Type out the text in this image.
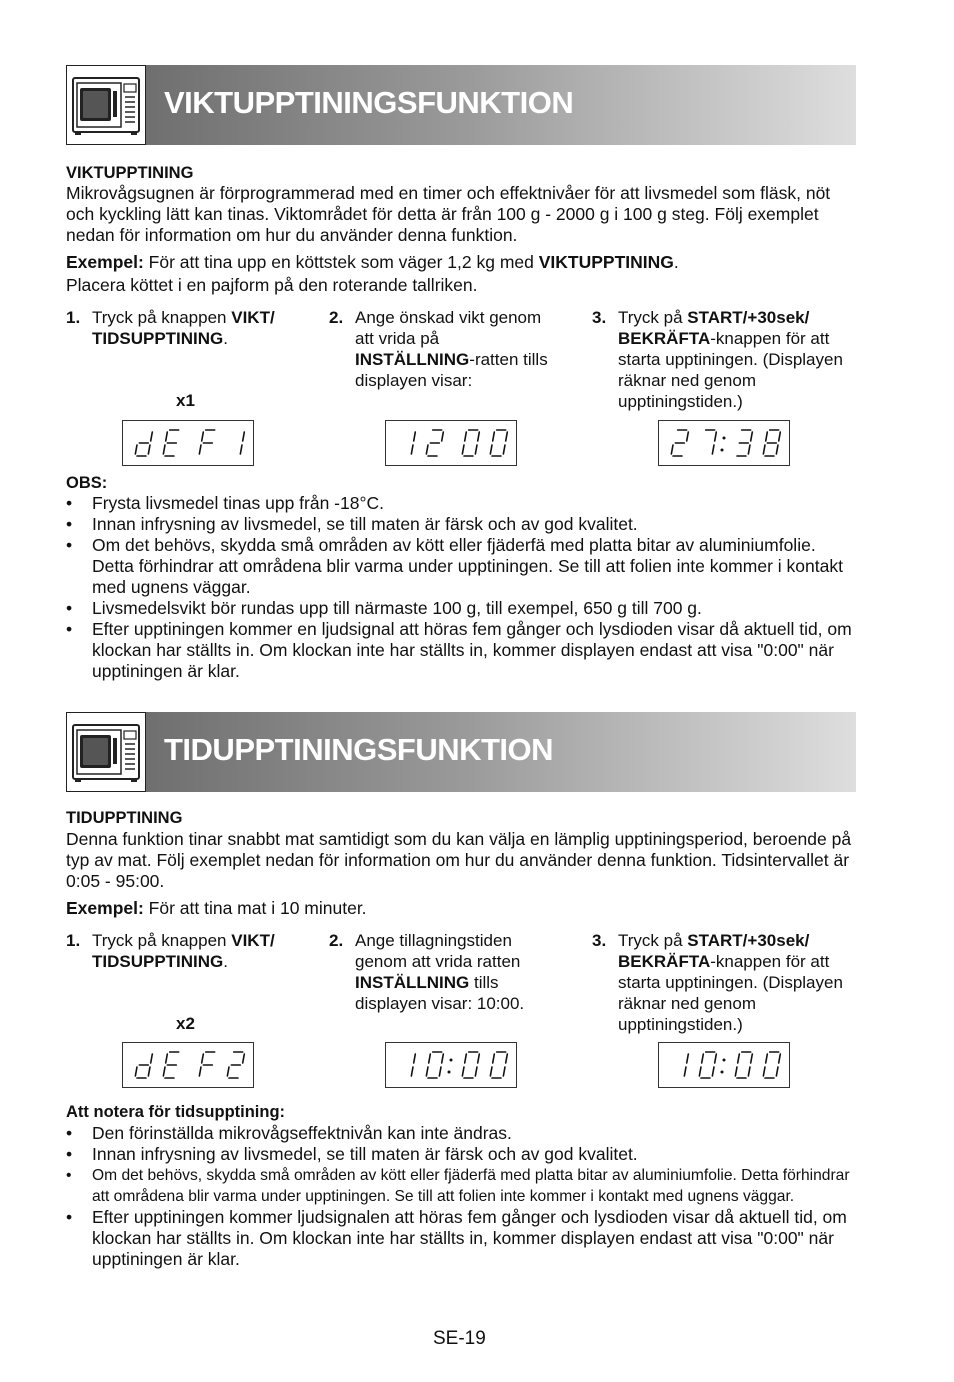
VIKTUPPTININGSFUNKTION
VIKTUPPTINING
Mikrovågsugnen är förprogrammerad med en timer och effektnivåer för att livsmedel som fläsk, nöt och kyckling lätt kan tinas. Viktområdet för detta är från 100 g - 2000 g i 100 g steg. Följ exemplet nedan för information om hur du använder denna funktion.
Exempel: För att tina upp en köttstek som väger 1,2 kg med VIKTUPPTINING.
Placera köttet i en pajform på den roterande tallriken.
1. Tryck på knappen VIKT/ TIDSUPPTINING.
2. Ange önskad vikt genom att vrida på INSTÄLLNING-ratten tills displayen visar:
3. Tryck på START/+30sek/ BEKRÄFTA-knappen för att starta upptiningen. (Displayen räknar ned genom upptiningstiden.)
x1
OBS:
• Frysta livsmedel tinas upp från -18°C.
• Innan infrysning av livsmedel, se till maten är färsk och av god kvalitet.
• Om det behövs, skydda små områden av kött eller fjäderfä med platta bitar av aluminiumfolie. Detta förhindrar att områdena blir varma under upptiningen. Se till att folien inte kommer i kontakt med ugnens väggar.
• Livsmedelsvikt bör rundas upp till närmaste 100 g, till exempel, 650 g till 700 g.
• Efter upptiningen kommer en ljudsignal att höras fem gånger och lysdioden visar då aktuell tid, om klockan har ställts in. Om klockan inte har ställts in, kommer displayen endast att visa "0:00" när upptiningen är klar.
TIDUPPTININGSFUNKTION
TIDUPPTINING
Denna funktion tinar snabbt mat samtidigt som du kan välja en lämplig upptiningsperiod, beroende på typ av mat. Följ exemplet nedan för information om hur du använder denna funktion. Tidsintervallet är 0:05 - 95:00.
Exempel: För att tina mat i 10 minuter.
1. Tryck på knappen VIKT/ TIDSUPPTINING.
2. Ange tillagningstiden genom att vrida ratten INSTÄLLNING tills displayen visar: 10:00.
3. Tryck på START/+30sek/ BEKRÄFTA-knappen för att starta upptiningen. (Displayen räknar ned genom upptiningstiden.)
x2
Att notera för tidsupptining:
• Den förinställda mikrovågseffektnivån kan inte ändras.
• Innan infrysning av livsmedel, se till maten är färsk och av god kvalitet.
• Om det behövs, skydda små områden av kött eller fjäderfä med platta bitar av aluminiumfolie. Detta förhindrar att områdena blir varma under upptiningen. Se till att folien inte kommer i kontakt med ugnens väggar.
• Efter upptiningen kommer ljudsignalen att höras fem gånger och lysdioden visar då aktuell tid, om klockan har ställts in. Om klockan inte har ställts in, kommer displayen endast att visa "0:00" när upptiningen är klar.
SE-19
